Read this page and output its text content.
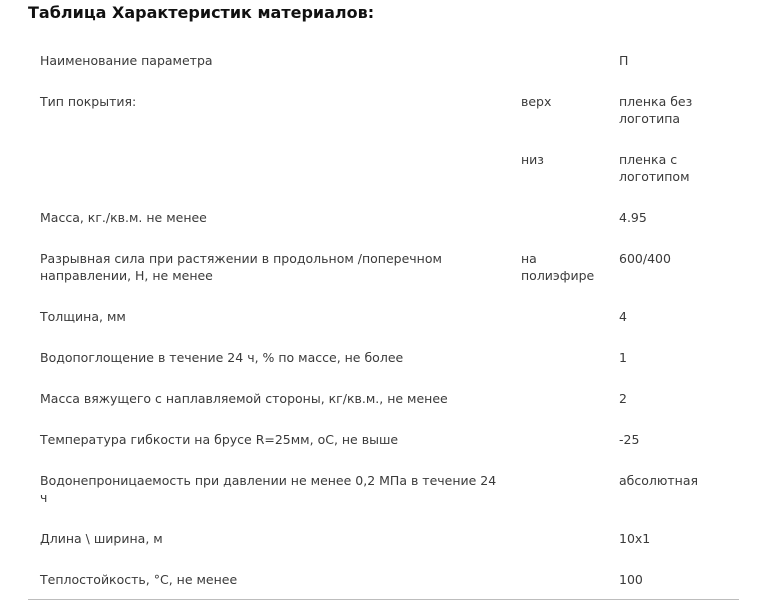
Таблица Характеристик материалов:
Наименование параметра		П
Тип покрытия:	верх	пленка без логотипа
	низ	пленка с логотипом
Масса, кг./кв.м. не менее		4.95
Разрывная сила при растяжении в продольном /поперечном направлении, Н, не менее	на полиэфире	600/400
Толщина, мм		4
Водопоглощение в течение 24 ч, % по массе, не более		1
Масса вяжущего с наплавляемой стороны, кг/кв.м., не менее		2
Температура гибкости на брусе R=25мм, оС, не выше		-25
Водонепроницаемость при давлении не менее 0,2 МПа в течение 24 ч		абсолютная
Длина \ ширина, м		10х1
Теплостойкость, °С, не менее		100
